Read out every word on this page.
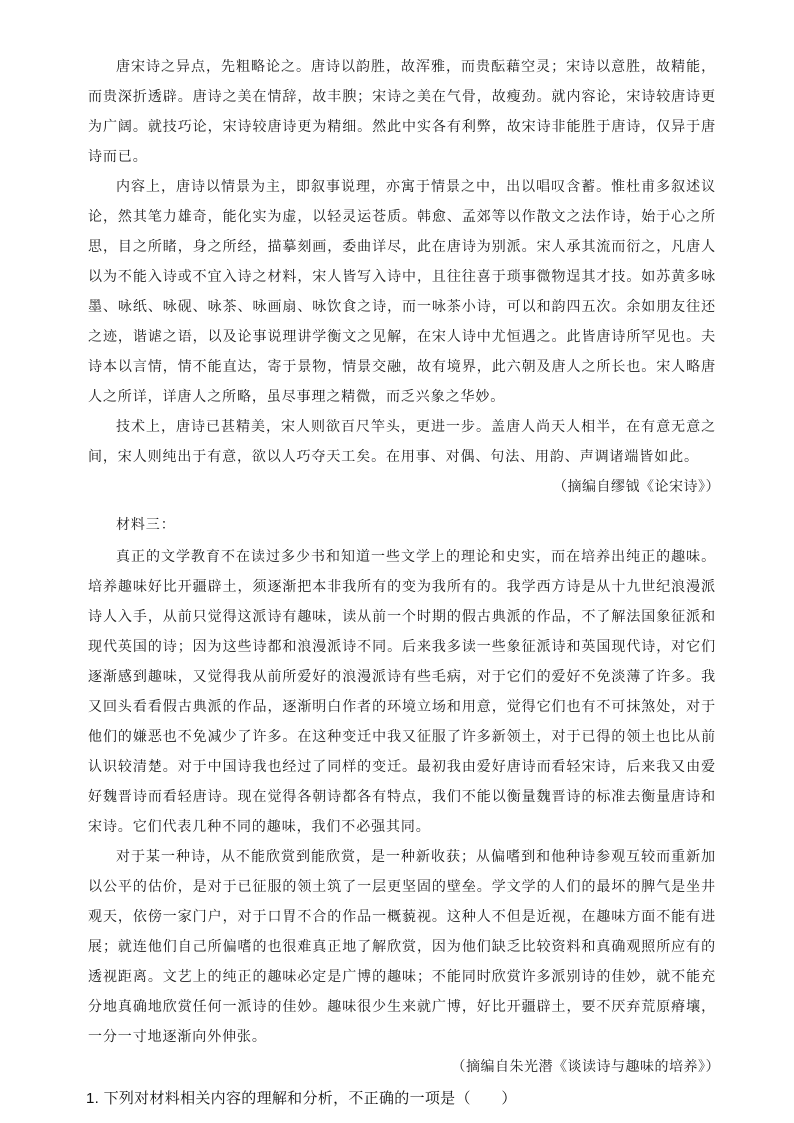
唐宋诗之异点，先粗略论之。唐诗以韵胜，故浑雅，而贵酝藉空灵；宋诗以意胜，故精能，而贵深折透辟。唐诗之美在情辞，故丰腴；宋诗之美在气骨，故瘦劲。就内容论，宋诗较唐诗更为广阔。就技巧论，宋诗较唐诗更为精细。然此中实各有利弊，故宋诗非能胜于唐诗，仅异于唐诗而已。

内容上，唐诗以情景为主，即叙事说理，亦寓于情景之中，出以唱叹含蓄。惟杜甫多叙述议论，然其笔力雄奇，能化实为虚，以轻灵运苍质。韩愈、孟郊等以作散文之法作诗，始于心之所思，目之所睹，身之所经，描摹刻画，委曲详尽，此在唐诗为别派。宋人承其流而衍之，凡唐人以为不能入诗或不宜入诗之材料，宋人皆写入诗中，且往往喜于琐事微物逞其才技。如苏黄多咏墨、咏纸、咏砚、咏茶、咏画扇、咏饮食之诗，而一咏茶小诗，可以和韵四五次。余如朋友往还之迹，谐谑之语，以及论事说理讲学衡文之见解，在宋人诗中尤恒遇之。此皆唐诗所罕见也。夫诗本以言情，情不能直达，寄于景物，情景交融，故有境界，此六朝及唐人之所长也。宋人略唐人之所详，详唐人之所略，虽尽事理之精微，而乏兴象之华妙。

技术上，唐诗已甚精美，宋人则欲百尺竿头，更进一步。盖唐人尚天人相半，在有意无意之间，宋人则纯出于有意，欲以人巧夺天工矣。在用事、对偶、句法、用韵、声调诸端皆如此。

（摘编自缪钺《论宋诗》）

材料三：

真正的文学教育不在读过多少书和知道一些文学上的理论和史实，而在培养出纯正的趣味。培养趣味好比开疆辟土，须逐渐把本非我所有的变为我所有的。我学西方诗是从十九世纪浪漫派诗人入手，从前只觉得这派诗有趣味，读从前一个时期的假古典派的作品，不了解法国象征派和现代英国的诗；因为这些诗都和浪漫派诗不同。后来我多读一些象征派诗和英国现代诗，对它们逐渐感到趣味，又觉得我从前所爱好的浪漫派诗有些毛病，对于它们的爱好不免淡薄了许多。我又回头看看假古典派的作品，逐渐明白作者的环境立场和用意，觉得它们也有不可抹煞处，对于他们的嫌恶也不免减少了许多。在这种变迁中我又征服了许多新领土，对于已得的领土也比从前认识较清楚。对于中国诗我也经过了同样的变迁。最初我由爱好唐诗而看轻宋诗，后来我又由爱好魏晋诗而看轻唐诗。现在觉得各朝诗都各有特点，我们不能以衡量魏晋诗的标准去衡量唐诗和宋诗。它们代表几种不同的趣味，我们不必强其同。

对于某一种诗，从不能欣赏到能欣赏，是一种新收获；从偏嗜到和他种诗参观互较而重新加以公平的估价，是对于已征服的领土筑了一层更坚固的壁垒。学文学的人们的最坏的脾气是坐井观天，依傍一家门户，对于口胃不合的作品一概藐视。这种人不但是近视，在趣味方面不能有进展；就连他们自己所偏嗜的也很难真正地了解欣赏，因为他们缺乏比较资料和真确观照所应有的透视距离。文艺上的纯正的趣味必定是广博的趣味；不能同时欣赏许多派别诗的佳妙，就不能充分地真确地欣赏任何一派诗的佳妙。趣味很少生来就广博，好比开疆辟土，要不厌弃荒原瘠壤，一分一寸地逐渐向外伸张。

（摘编自朱光潜《谈读诗与趣味的培养》）

1. 下列对材料相关内容的理解和分析，不正确的一项是（　　）
